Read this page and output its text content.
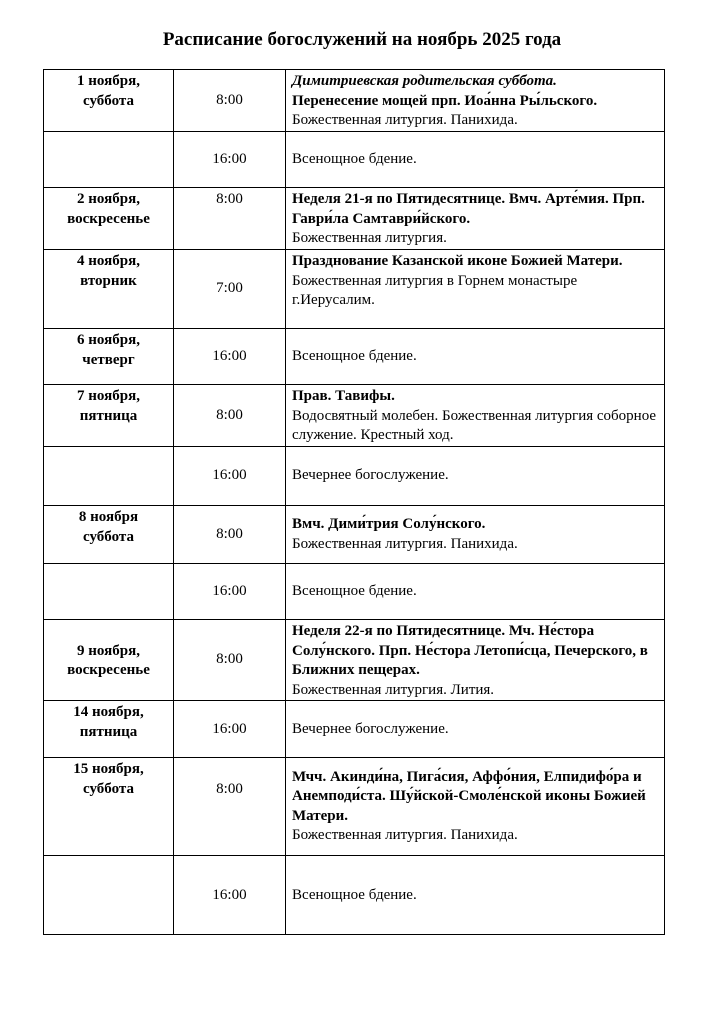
Расписание богослужений на ноябрь 2025 года
1 ноября,
суббота	8:00	Димитриевская родительская суббота.
Перенесение мощей прп. Иоа́нна Ры́льского.
Божественная литургия. Панихида.

	16:00	Всенощное бдение.

2 ноября,
воскресенье	8:00	Неделя 21-я по Пятидесятнице. Вмч. Арте́мия. Прп. Гаври́ла Самтаври́йского.
Божественная литургия.

4 ноября,
вторник	7:00	Празднование Казанской иконе Божией Матери.
Божественная литургия в Горнем монастыре г.Иерусалим.

6 ноября,
четверг	16:00	Всенощное бдение.

7 ноября,
пятница	8:00	Прав. Тавифы.
Водосвятный молебен. Божественная литургия соборное служение. Крестный ход.

	16:00	Вечернее богослужение.

8 ноября
суббота	8:00	Вмч. Дими́трия Солу́нского.
Божественная литургия. Панихида.

	16:00	Всенощное бдение.

9 ноября,
воскресенье	8:00	Неделя 22-я по Пятидесятнице. Мч. Не́стора Солу́нского. Прп. Не́стора Летопи́сца, Печерского, в Ближних пещерах.
Божественная литургия. Лития.

14 ноября,
пятница	16:00	Вечернее богослужение.

15 ноября,
суббота	8:00	Мчч. Акинди́на, Пига́сия, Аффо́ния, Елпидифо́ра и Анемподи́ста. Шу́йской-Смоле́нской иконы Божией Матери.
Божественная литургия. Панихида.

	16:00	Всенощное бдение.
